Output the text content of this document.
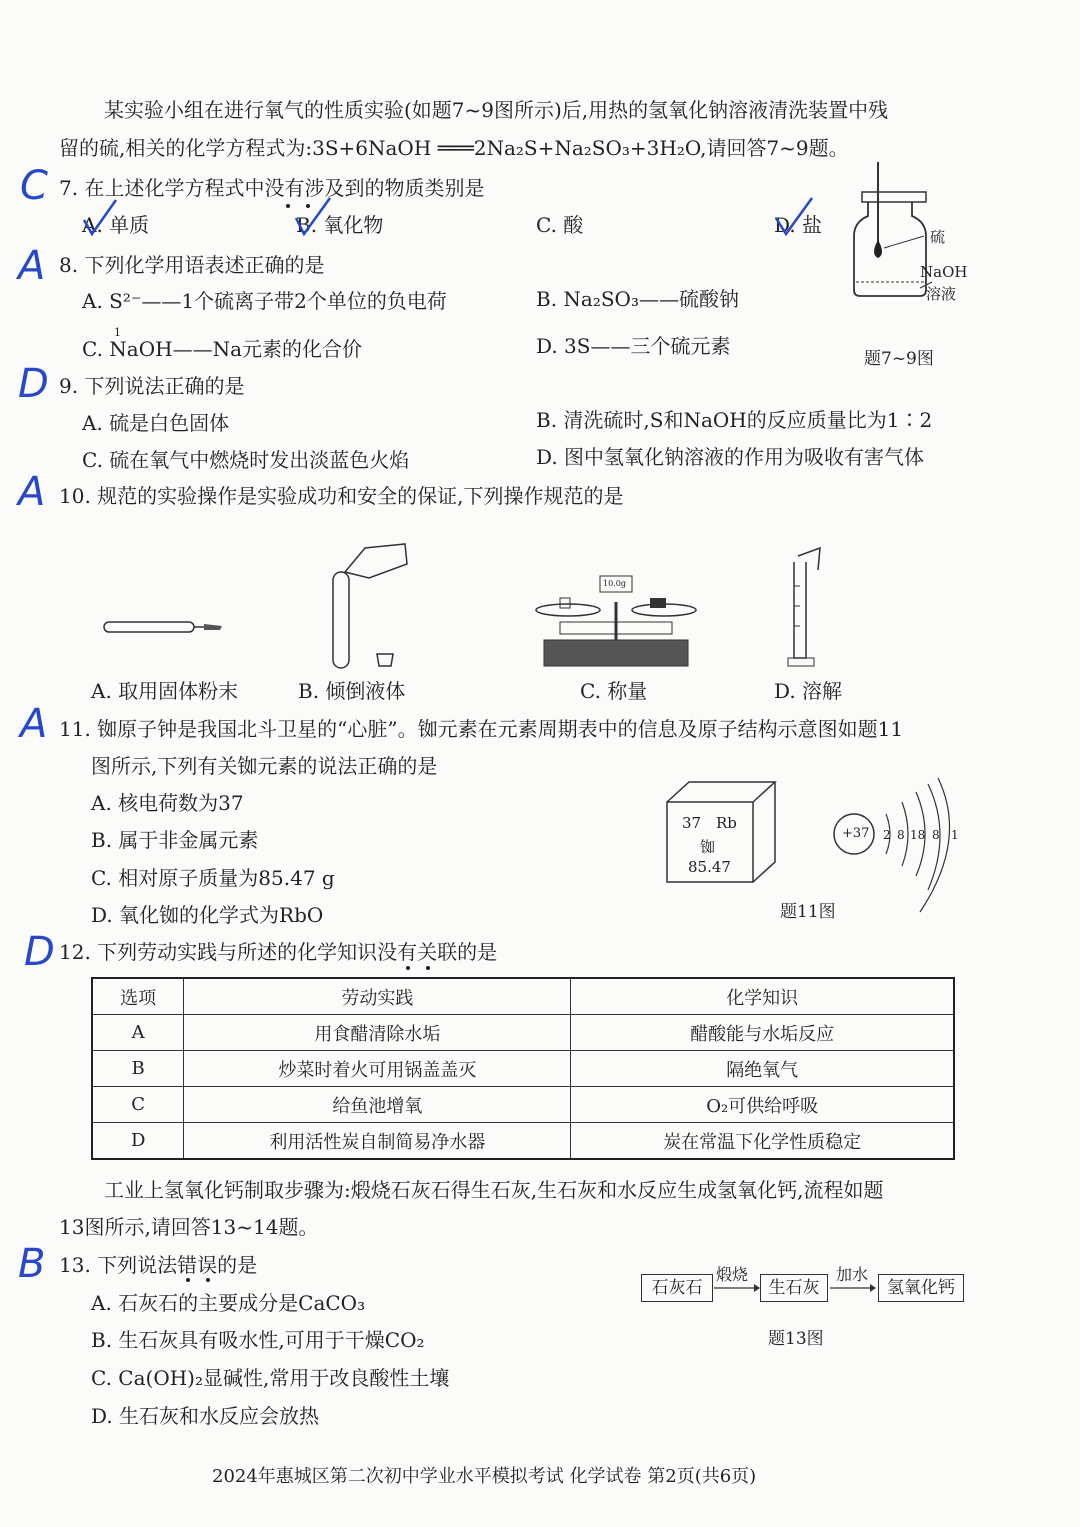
某实验小组在进行氧气的性质实验(如题7~9图所示)后,用热的氢氧化钠溶液清洗装置中残
留的硫,相关的化学方程式为:3S+6NaOH ═══2Na₂S+Na₂SO₃+3H₂O,请回答7~9题。
C 7. 在上述化学方程式中没有涉及到的物质类别是
A. 单质	B. 氧化物	C. 酸	D. 盐	硫
NaOH
溶液
题7~9图
A 8. 下列化学用语表述正确的是
A. S²⁻——1个硫离子带2个单位的负电荷	B. Na₂SO₃——硫酸钠
1
C. NaOH——Na元素的化合价	D. 3S——三个硫元素
D 9. 下列说法正确的是
A. 硫是白色固体	B. 清洗硫时,S和NaOH的反应质量比为1∶2
C. 硫在氧气中燃烧时发出淡蓝色火焰	D. 图中氢氧化钠溶液的作用为吸收有害气体
A 10. 规范的实验操作是实验成功和安全的保证,下列操作规范的是
10.0g
A. 取用固体粉末	B. 倾倒液体	C. 称量	D. 溶解
A 11. 铷原子钟是我国北斗卫星的“心脏”。铷元素在元素周期表中的信息及原子结构示意图如题11
图所示,下列有关铷元素的说法正确的是
A. 核电荷数为37
B. 属于非金属元素
C. 相对原子质量为85.47 g
D. 氧化铷的化学式为RbO
37 Rb
铷
85.47
+37 2 8 18 8 1
题11图
D 12. 下列劳动实践与所述的化学知识没有关联的是
选项	劳动实践	化学知识
A	用食醋清除水垢	醋酸能与水垢反应
B	炒菜时着火可用锅盖盖灭	隔绝氧气
C	给鱼池增氧	O₂可供给呼吸
D	利用活性炭自制简易净水器	炭在常温下化学性质稳定
工业上氢氧化钙制取步骤为:煅烧石灰石得生石灰,生石灰和水反应生成氢氧化钙,流程如题
13图所示,请回答13~14题。
B 13. 下列说法错误的是
A. 石灰石的主要成分是CaCO₃
B. 生石灰具有吸水性,可用于干燥CO₂
C. Ca(OH)₂显碱性,常用于改良酸性土壤
D. 生石灰和水反应会放热
石灰石
煅烧
生石灰
加水
氢氧化钙
题13图
2024年惠城区第二次初中学业水平模拟考试 化学试卷 第2页(共6页)
